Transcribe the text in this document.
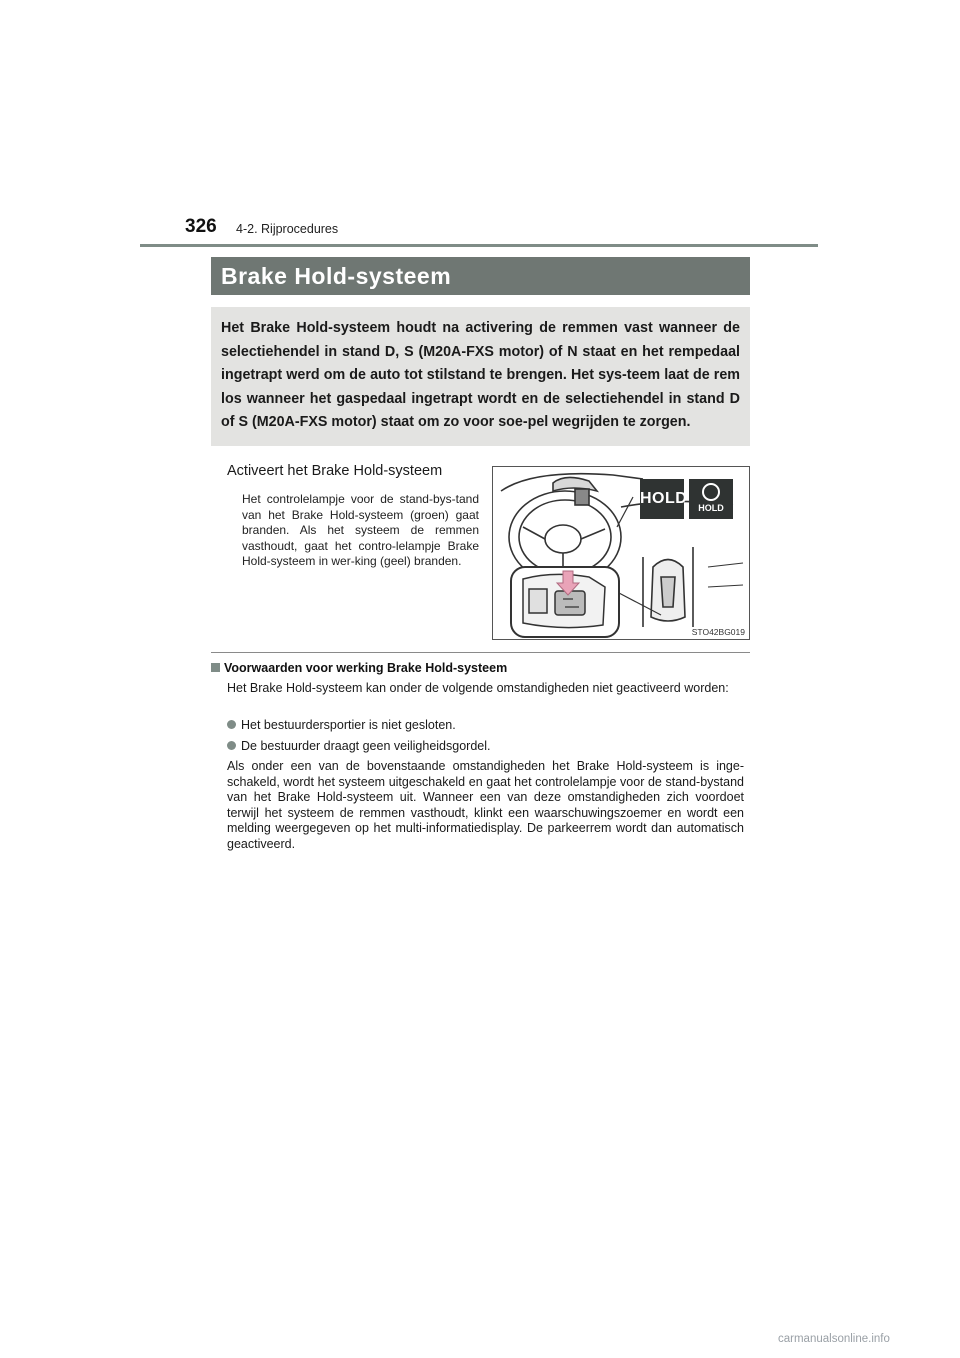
326 4-2. Rijprocedures
Brake Hold-systeem
Het Brake Hold-systeem houdt na activering de remmen vast wanneer de selectiehendel in stand D, S (M20A-FXS motor) of N staat en het rempedaal ingetrapt werd om de auto tot stilstand te brengen. Het sys-teem laat de rem los wanneer het gaspedaal ingetrapt wordt en de selectiehendel in stand D of S (M20A-FXS motor) staat om zo voor soe-pel wegrijden te zorgen.
Activeert het Brake Hold-systeem
Het controlelampje voor de stand-bys-tand van het Brake Hold-systeem (groen) gaat branden. Als het systeem de remmen vasthoudt, gaat het contro-lelampje Brake Hold-systeem in wer-king (geel) branden.
HOLD
HOLD
STO42BG019
Voorwaarden voor werking Brake Hold-systeem
Het Brake Hold-systeem kan onder de volgende omstandigheden niet geactiveerd worden:
Het bestuurdersportier is niet gesloten.
De bestuurder draagt geen veiligheidsgordel.
Als onder een van de bovenstaande omstandigheden het Brake Hold-systeem is inge-schakeld, wordt het systeem uitgeschakeld en gaat het controlelampje voor de stand-bystand van het Brake Hold-systeem uit. Wanneer een van deze omstandigheden zich voordoet terwijl het systeem de remmen vasthoudt, klinkt een waarschuwingszoemer en wordt een melding weergegeven op het multi-informatiedisplay. De parkeerrem wordt dan automatisch geactiveerd.
carmanualsonline.info
